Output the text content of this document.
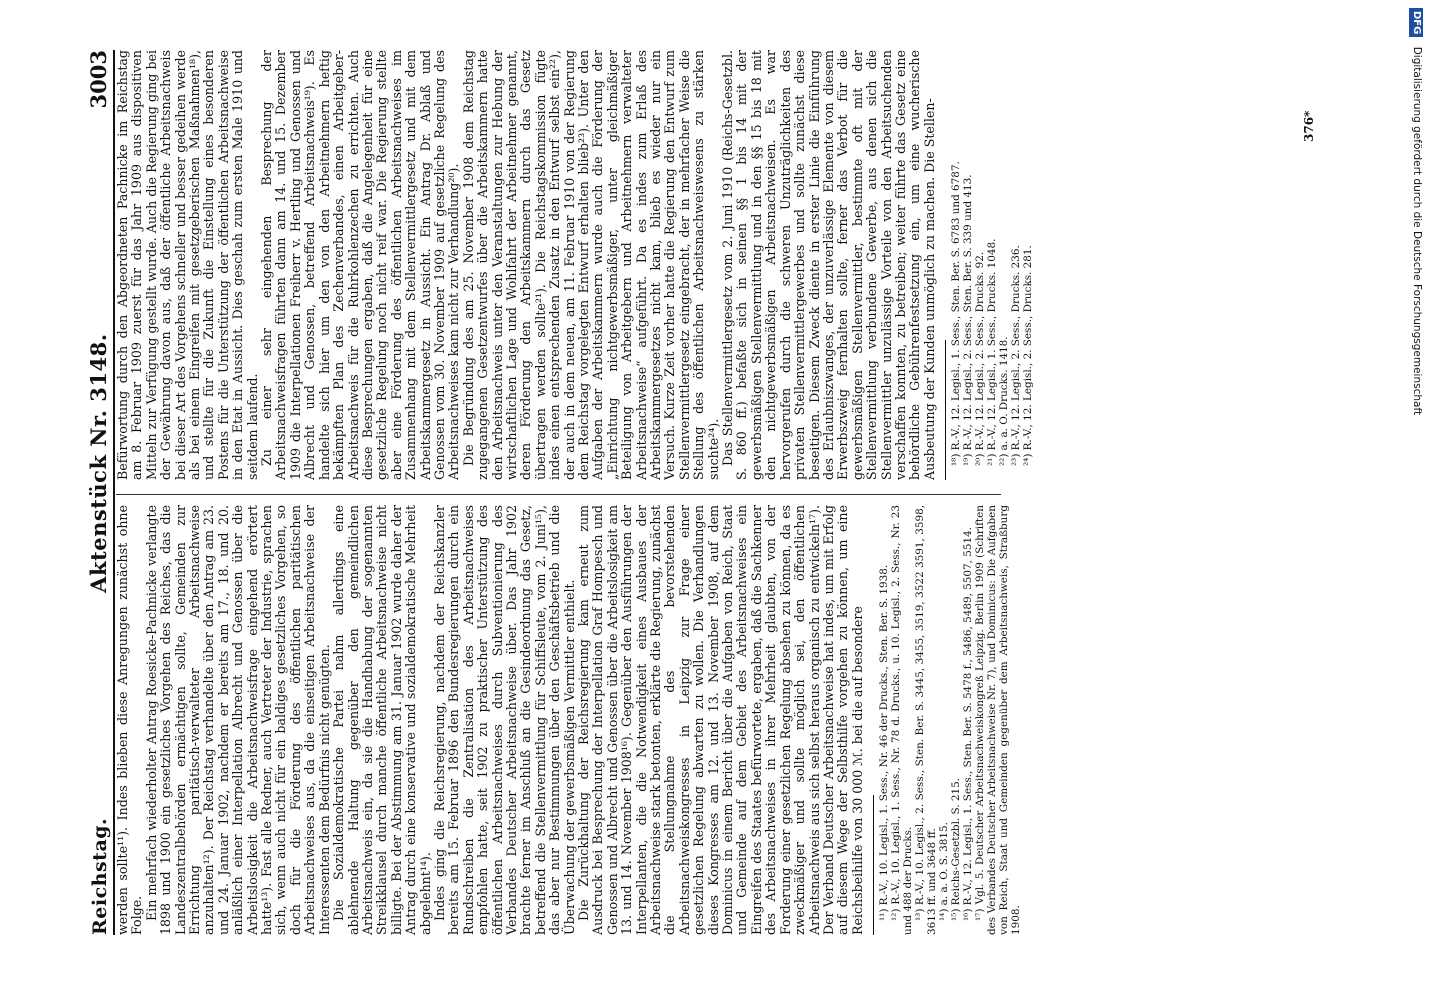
Reichstag.
Aktenstück Nr. 3148.
3003

werden sollte¹¹). Indes blieben diese Anregungen zunächst ohne Folge. Ein mehrfach wiederholter Antrag Roesicke-Pachnicke verlangte 1898 und 1900 ein gesetzliches Vorgehen des Reiches, das die Landeszentralbehörden ermächtigen sollte, Gemeinden zur Errichtung paritätisch-verwalteter Arbeitsnachweise anzuhalten¹²). Der Reichstag verhandelte über den Antrag am 23. und 24. Januar 1902, nachdem er bereits am 17., 18. und 20. anläßlich einer Interpellation Albrecht und Genossen über die Arbeitslosigkeit die Arbeitsnachweisfrage eingehend erörtert hatte¹³). Fast alle Redner, auch Vertreter der Industrie, sprachen sich, wenn auch nicht für ein baldiges gesetzliches Vorgehen, so doch für die Förderung des öffentlichen paritätischen Arbeitsnachweises aus, da die einseitigen Arbeitsnachweise der Interessenten dem Bedürfnis nicht genügten. Die Sozialdemokratische Partei nahm allerdings eine ablehnende Haltung gegenüber den gemeindlichen Arbeitsnachweis ein, da sie die Handhabung der sogenannten Streikklausel durch manche öffentliche Arbeitsnachweise nicht billigte. Bei der Abstimmung am 31. Januar 1902 wurde daher der Antrag durch eine konservative und sozialdemokratische Mehrheit abgelehnt¹⁴). Indes ging die Reichsregierung, nachdem der Reichskanzler bereits am 15. Februar 1896 den Bundesregierungen durch ein Rundschreiben die Zentralisation des Arbeitsnachweises empfohlen hatte, seit 1902 zu praktischer Unterstützung des öffentlichen Arbeitsnachweises durch Subventionierung des Verbandes Deutscher Arbeitsnachweise über. Das Jahr 1902 brachte ferner im Anschluß an die Gesindeordnung das Gesetz, betreffend die Stellenvermittlung für Schiffsleute, vom 2. Juni¹⁵), das aber nur Bestimmungen über den Geschäftsbetrieb und die Überwachung der gewerbsmäßigen Vermittler enthielt. Die Zurückhaltung der Reichsregierung kam erneut zum Ausdruck bei Besprechung der Interpellation Graf Hompesch und Genossen und Albrecht und Genossen über die Arbeitslosigkeit am 13. und 14. November 1908¹⁶). Gegenüber den Ausführungen der Interpellanten, die die Notwendigkeit eines Ausbaues der Arbeitsnachweise stark betonten, erklärte die Regierung, zunächst die Stellungnahme des bevorstehenden Arbeitsnachweiskongresses in Leipzig zur Frage einer gesetzlichen Regelung abwarten zu wollen. Die Verhandlungen dieses Kongresses am 12. und 13. November 1908, auf dem Dominicus in einem Bericht über die Aufgaben von Reich, Staat und Gemeinde auf dem Gebiet des Arbeitsnachweises ein Eingreifen des Staates befürwortete, ergaben, daß die Sachkenner des Arbeitsnachweises in ihrer Mehrheit glaubten, von der Forderung einer gesetzlichen Regelung absehen zu können, da es zweckmäßiger und sollte möglich sei, den öffentlichen Arbeitsnachweis aus sich selbst heraus organisch zu entwickeln¹⁷). Der Verband Deutscher Arbeitsnachweise hat indes, um mit Erfolg auf diesem Wege der Selbsthilfe vorgehen zu können, um eine Reichsbeihilfe von 30 000 ℳ. bei die auf besondere ¹¹) R.-V., 10. Legisl., 1. Sess., Nr. 46 der Drucks., Sten. Ber. S. 1938. ¹²) R.-V., 10. Legisl., 1. Sess., Nr. 78 d. Drucks., u. 10. Legisl., 2. Sess., Nr. 23 und 488 der Drucks. ¹³) R.-V., 10. Legisl., 2. Sess., Sten. Ber. S. 3445, 3455, 3519, 3522 3591, 3598, 3613 ff. und 3648 ff. ¹⁴) a. a. O. S. 3815. ¹⁵) Reichs-Gesetzbl. S. 215. ¹⁶) R.-V., 12. Legisl., 1. Sess., Sten. Ber. S. 5478 f., 5486, 5489, 5507, 5514. ¹⁷) Vgl. 5. Deutscher Arbeitsnachweiskongreß Leipzig. Berlin 1909 (Schriften des Verbandes Deutscher Arbeitsnachweise Nr. 7), und Dominicus: Die Aufgaben von Reich, Staat und Gemeinden gegenüber dem Arbeitsnachweis, Straßburg 1908.

Befürwortung durch den Abgeordneten Pachnicke im Reichstag am 8. Februar 1909 zuerst für das Jahr 1909 aus dispositiven Mitteln zur Verfügung gestellt wurde. Auch die Regierung ging bei der Gewährung davon aus, daß der öffentliche Arbeitsnachweis bei dieser Art des Vorgehens schneller und besser gedeihen werde als bei einem Eingreifen mit gesetzgeberischen Maßnahmen¹⁸), und stellte für die Zukunft die Einstellung eines besonderen Postens für die Unterstützung der öffentlichen Arbeitsnachweise in den Etat in Aussicht. Dies geschah zum ersten Male 1910 und seitdem laufend. Zu einer sehr eingehenden Besprechung der Arbeitsnachweisfragen führten dann am 14. und 15. Dezember 1909 die Interpellationen Freiherr v. Hertling und Genossen und Albrecht und Genossen, betreffend Arbeitsnachweis¹⁹). Es handelte sich hier um den von den Arbeitnehmern heftig bekämpften Plan des Zechenverbandes, einen Arbeitgeber-Arbeitsnachweis für die Ruhrkohlenzechen zu errichten. Auch diese Besprechungen ergaben, daß die Angelegenheit für eine gesetzliche Regelung noch nicht reif war. Die Regierung stellte aber eine Förderung des öffentlichen Arbeitsnachweises im Zusammenhang mit dem Stellenvermittlergesetz und mit dem Arbeitskammergesetz in Aussicht. Ein Antrag Dr. Ablaß und Genossen vom 30. November 1909 auf gesetzliche Regelung des Arbeitsnachweises kam nicht zur Verhandlung²⁰). Die Begründung des am 25. November 1908 dem Reichstag zugegangenen Gesetzentwurfes über die Arbeitskammern hatte den Arbeitsnachweis unter den Veranstaltungen zur Hebung der wirtschaftlichen Lage und Wohlfahrt der Arbeitnehmer genannt, deren Förderung den Arbeitskammern durch das Gesetz übertragen werden sollte²¹). Die Reichstagskommission fügte indes einen entsprechenden Zusatz in den Entwurf selbst ein²²), der auch in dem neuen, am 11. Februar 1910 von der Regierung dem Reichstag vorgelegten Entwurf erhalten blieb²³). Unter den Aufgaben der Arbeitskammern wurde auch die Förderung der „Einrichtung nichtgewerbsmäßiger, unter gleichmäßiger Beteiligung von Arbeitgebern und Arbeitnehmern verwalteter Arbeitsnachweise“ aufgeführt. Da es indes zum Erlaß des Arbeitskammergesetzes nicht kam, blieb es wieder nur ein Versuch. Kurze Zeit vorher hatte die Regierung den Entwurf zum Stellenvermittlergesetz eingebracht, der in mehrfacher Weise die Stellung des öffentlichen Arbeitsnachweiswesens zu stärken suchte²⁴). Das Stellenvermittlergesetz vom 2. Juni 1910 (Reichs-Gesetzbl. S. 860 ff.) befaßte sich in seinen §§ 1 bis 14 mit der gewerbsmäßigen Stellenvermittlung und in den §§ 15 bis 18 mit den nichtgewerbsmäßigen Arbeitsnachweisen. Es war hervorgerufen durch die schweren Unzuträglichkeiten des privaten Stellenvermittlergewerbes und sollte zunächst diese beseitigen. Diesem Zweck diente in erster Linie die Einführung des Erlaubniszwanges, der unzuverlässige Elemente von diesem Erwerbszweig fernhalten sollte, ferner das Verbot für die gewerbsmäßigen Stellenvermittler, bestimmte oft mit der Stellenvermittlung verbundene Gewerbe, aus denen sich die Stellenvermittler unzulässige Vorteile von den Arbeitsuchenden verschaffen konnten, zu betreiben; weiter führte das Gesetz eine behördliche Gebührenfestsetzung ein, um eine wucherische Ausbeutung der Kunden unmöglich zu machen. Die Stellen- ¹⁸) R.-V., 12. Legisl., 1. Sess., Sten. Ber. S. 6783 und 6787. ¹⁹) R.-V., 12. Legisl., 2. Sess., Sten. Ber. S. 339 und 413. ²⁰) R.-V., 12. Legisl., 2. Sess., Drucks. 92. ²¹) R.-V., 12. Legisl., 1. Sess., Drucks. 1048. ²²) a. a. O. Drucks. 1418. ²³) R.-V., 12. Legisl., 2. Sess., Drucks. 236. ²⁴) R.-V., 12. Legisl., 2. Sess., Drucks. 281.

376*
DFG Digitalisierung gefördert durch die Deutsche Forschungsgemeinschaft
